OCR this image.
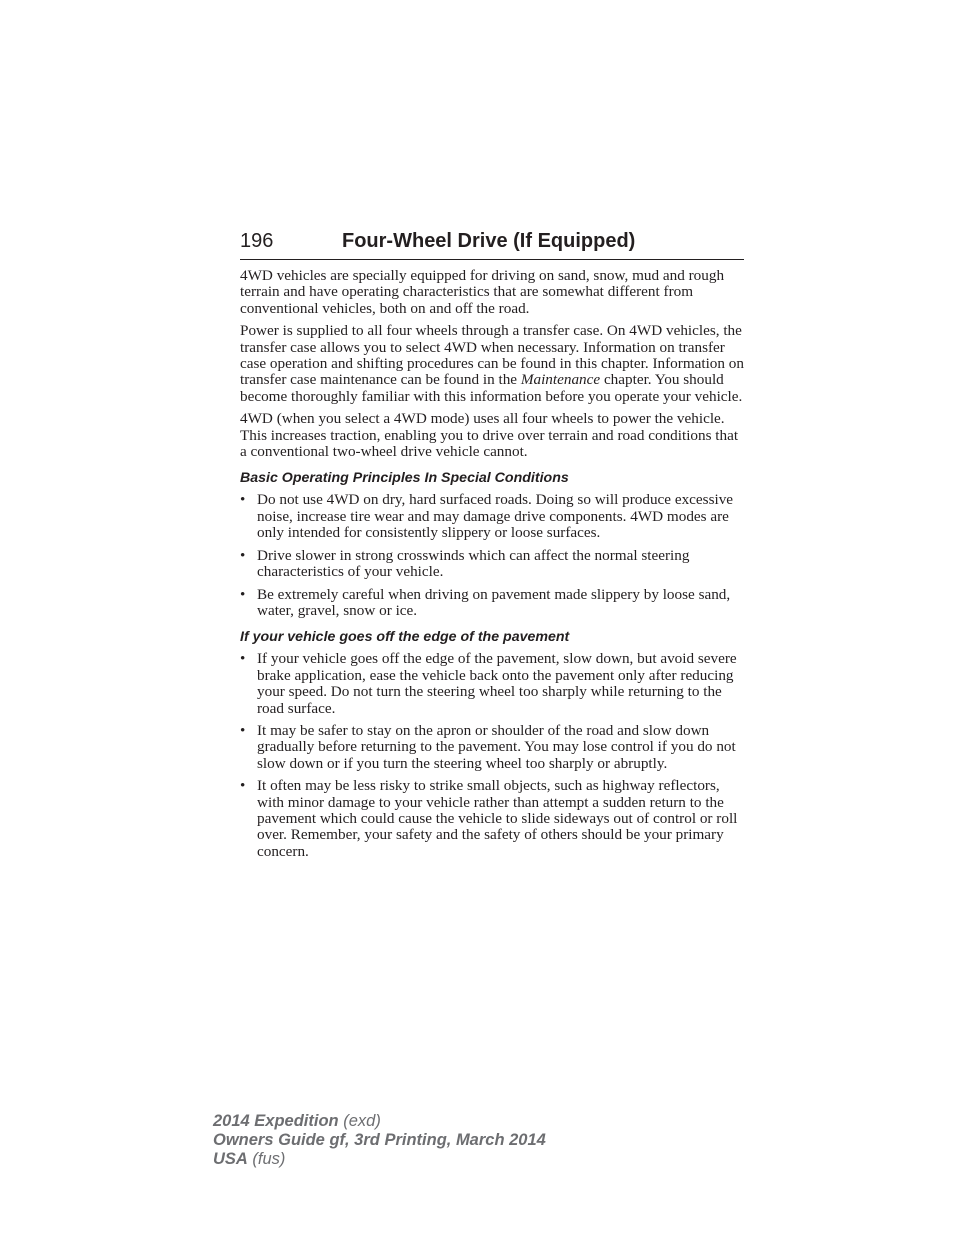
196	Four-Wheel Drive (If Equipped)

4WD vehicles are specially equipped for driving on sand, snow, mud and rough terrain and have operating characteristics that are somewhat different from conventional vehicles, both on and off the road.

Power is supplied to all four wheels through a transfer case. On 4WD vehicles, the transfer case allows you to select 4WD when necessary. Information on transfer case operation and shifting procedures can be found in this chapter. Information on transfer case maintenance can be found in the Maintenance chapter. You should become thoroughly familiar with this information before you operate your vehicle.

4WD (when you select a 4WD mode) uses all four wheels to power the vehicle. This increases traction, enabling you to drive over terrain and road conditions that a conventional two-wheel drive vehicle cannot.

Basic Operating Principles In Special Conditions
• Do not use 4WD on dry, hard surfaced roads. Doing so will produce excessive noise, increase tire wear and may damage drive components. 4WD modes are only intended for consistently slippery or loose surfaces.
• Drive slower in strong crosswinds which can affect the normal steering characteristics of your vehicle.
• Be extremely careful when driving on pavement made slippery by loose sand, water, gravel, snow or ice.
If your vehicle goes off the edge of the pavement
• If your vehicle goes off the edge of the pavement, slow down, but avoid severe brake application, ease the vehicle back onto the pavement only after reducing your speed. Do not turn the steering wheel too sharply while returning to the road surface.
• It may be safer to stay on the apron or shoulder of the road and slow down gradually before returning to the pavement. You may lose control if you do not slow down or if you turn the steering wheel too sharply or abruptly.
• It often may be less risky to strike small objects, such as highway reflectors, with minor damage to your vehicle rather than attempt a sudden return to the pavement which could cause the vehicle to slide sideways out of control or roll over. Remember, your safety and the safety of others should be your primary concern.
2014 Expedition (exd)
Owners Guide gf, 3rd Printing, March 2014
USA (fus)
